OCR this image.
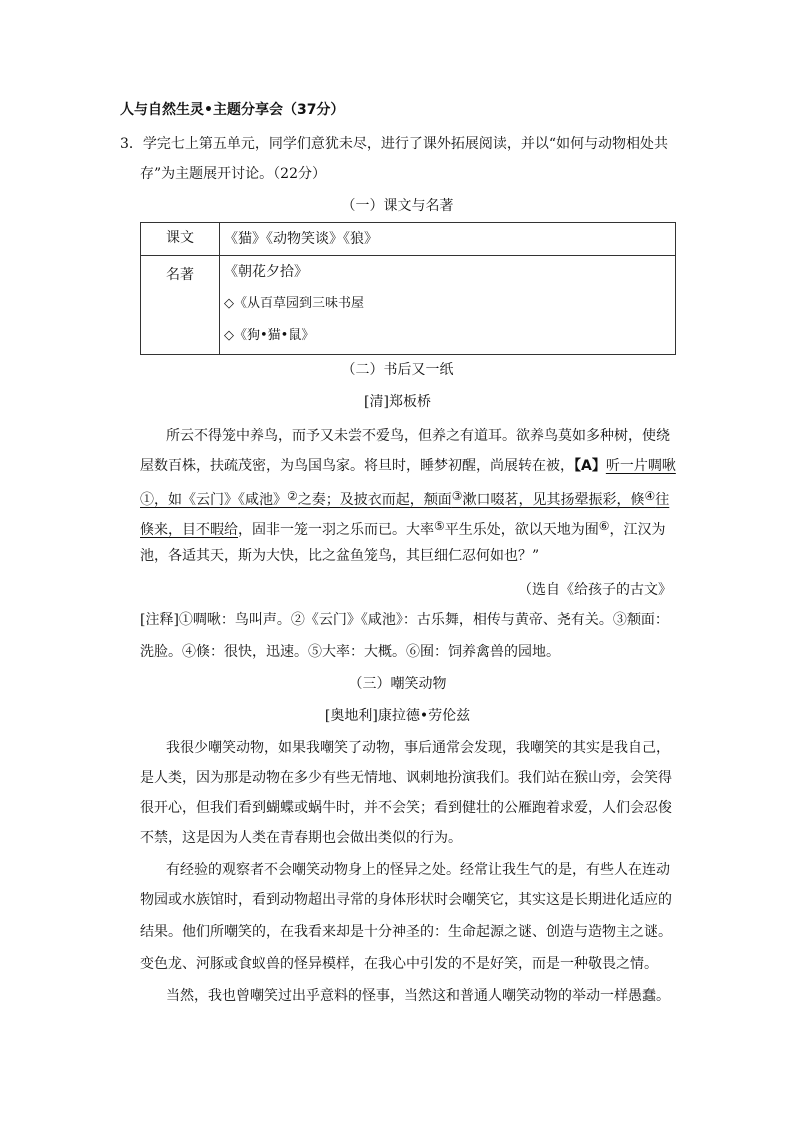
人与自然生灵•主题分享会（37分）
3．学完七上第五单元，同学们意犹未尽，进行了课外拓展阅读，并以“如何与动物相处共
存”为主题展开讨论。（22分）
（一）课文与名著
课文	《猫》《动物笑谈》《狼》

名著	《朝花夕拾》
◇《从百草园到三味书屋
◇《狗•猫•鼠》
（二）书后又一纸
[清]郑板桥
所云不得笼中养鸟，而予又未尝不爱鸟，但养之有道耳。欲养鸟莫如多种树，使绕
屋数百株，扶疏茂密，为鸟国鸟家。将旦时，睡梦初醒，尚展转在被，【A】听一片啁啾
①，如《云门》《咸池》②之奏；及披衣而起，颒面③漱口啜茗，见其扬翚振彩，倏④往
倏来，目不暇给，固非一笼一羽之乐而已。大率⑤平生乐处，欲以天地为囿⑥，江汉为
池，各适其天，斯为大快，比之盆鱼笼鸟，其巨细仁忍何如也？”
（选自《给孩子的古文》
[注释]①啁啾：鸟叫声。②《云门》《咸池》：古乐舞，相传与黄帝、尧有关。③颒面：
洗脸。④倏：很快，迅速。⑤大率：大概。⑥囿：饲养禽兽的园地。
（三）嘲笑动物
[奥地利]康拉德•劳伦兹
我很少嘲笑动物，如果我嘲笑了动物，事后通常会发现，我嘲笑的其实是我自己，
是人类，因为那是动物在多少有些无情地、讽刺地扮演我们。我们站在猴山旁，会笑得
很开心，但我们看到蝴蝶或蜗牛时，并不会笑；看到健壮的公雁跑着求爱，人们会忍俊
不禁，这是因为人类在青春期也会做出类似的行为。
有经验的观察者不会嘲笑动物身上的怪异之处。经常让我生气的是，有些人在连动
物园或水族馆时，看到动物超出寻常的身体形状时会嘲笑它，其实这是长期进化适应的
结果。他们所嘲笑的，在我看来却是十分神圣的：生命起源之谜、创造与造物主之谜。
变色龙、河豚或食蚁兽的怪异模样，在我心中引发的不是好笑，而是一种敬畏之情。
当然，我也曾嘲笑过出乎意料的怪事，当然这和普通人嘲笑动物的举动一样愚蠢。
